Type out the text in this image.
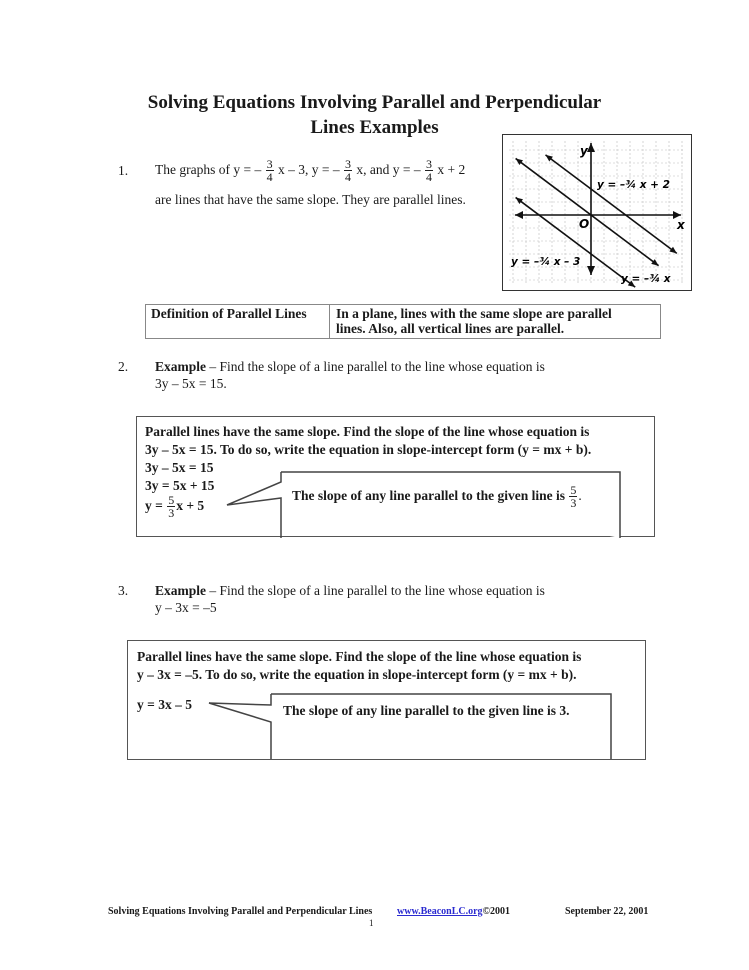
Solving Equations Involving Parallel and Perpendicular
Lines Examples
1. The graphs of y = – $\frac{3}{4}$ x – 3, y = – $\frac{3}{4} x$, and y = – $\frac{3}{4}$ x + 2
are lines that have the same slope. They are parallel lines.
y
x
O
y = –¾ x + 2
y = –¾ x
y = –¾ x – 3
Definition of Parallel Lines	In a plane, lines with the same slope are parallel
lines. Also, all vertical lines are parallel.
2. Example – Find the slope of a line parallel to the line whose equation is
3y – 5x = 15.
Parallel lines have the same slope. Find the slope of the line whose equation is
3y – 5x = 15. To do so, write the equation in slope-intercept form (y = mx + b).
3y – 5x = 15
3y = 5x + 15
$y = \frac{5}{3}$ x + 5
The slope of any line parallel to the given line is $\frac{5}{3}$ .
3. Example – Find the slope of a line parallel to the line whose equation is
y – 3x = –5
Parallel lines have the same slope. Find the slope of the line whose equation is
y – 3x = –5. To do so, write the equation in slope-intercept form (y = mx + b).
y = 3x – 5	The slope of any line parallel to the given line is 3.
Solving Equations Involving Parallel and Perpendicular Lines www.BeaconLC.org©2001	September 22, 2001
1
